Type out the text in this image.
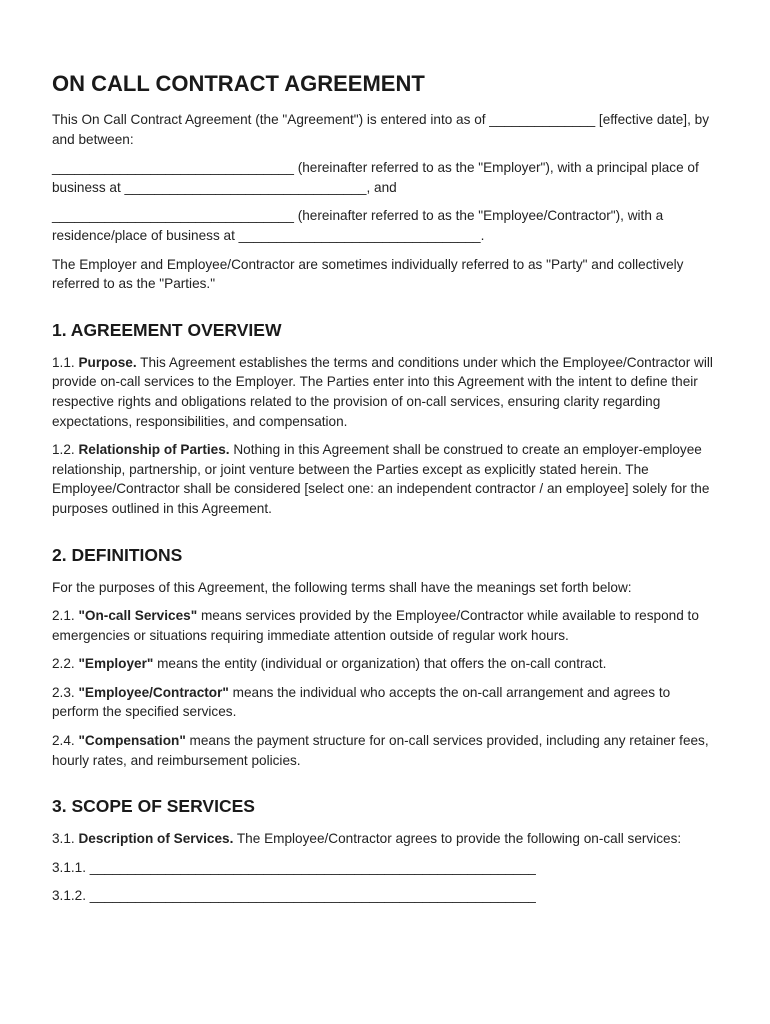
ON CALL CONTRACT AGREEMENT

This On Call Contract Agreement (the "Agreement") is entered into as of ______________ [effective date], by and between:

________________________________ (hereinafter referred to as the "Employer"), with a principal place of business at ________________________________, and

________________________________ (hereinafter referred to as the "Employee/Contractor"), with a residence/place of business at ________________________________.

The Employer and Employee/Contractor are sometimes individually referred to as "Party" and collectively referred to as the "Parties."

1. AGREEMENT OVERVIEW

1.1. Purpose. This Agreement establishes the terms and conditions under which the Employee/Contractor will provide on-call services to the Employer. The Parties enter into this Agreement with the intent to define their respective rights and obligations related to the provision of on-call services, ensuring clarity regarding expectations, responsibilities, and compensation.

1.2. Relationship of Parties. Nothing in this Agreement shall be construed to create an employer-employee relationship, partnership, or joint venture between the Parties except as explicitly stated herein. The Employee/Contractor shall be considered [select one: an independent contractor / an employee] solely for the purposes outlined in this Agreement.

2. DEFINITIONS

For the purposes of this Agreement, the following terms shall have the meanings set forth below:

2.1. "On-call Services" means services provided by the Employee/Contractor while available to respond to emergencies or situations requiring immediate attention outside of regular work hours.

2.2. "Employer" means the entity (individual or organization) that offers the on-call contract.

2.3. "Employee/Contractor" means the individual who accepts the on-call arrangement and agrees to perform the specified services.

2.4. "Compensation" means the payment structure for on-call services provided, including any retainer fees, hourly rates, and reimbursement policies.

3. SCOPE OF SERVICES

3.1. Description of Services. The Employee/Contractor agrees to provide the following on-call services:

3.1.1. ___________________________________________________________

3.1.2. ___________________________________________________________
